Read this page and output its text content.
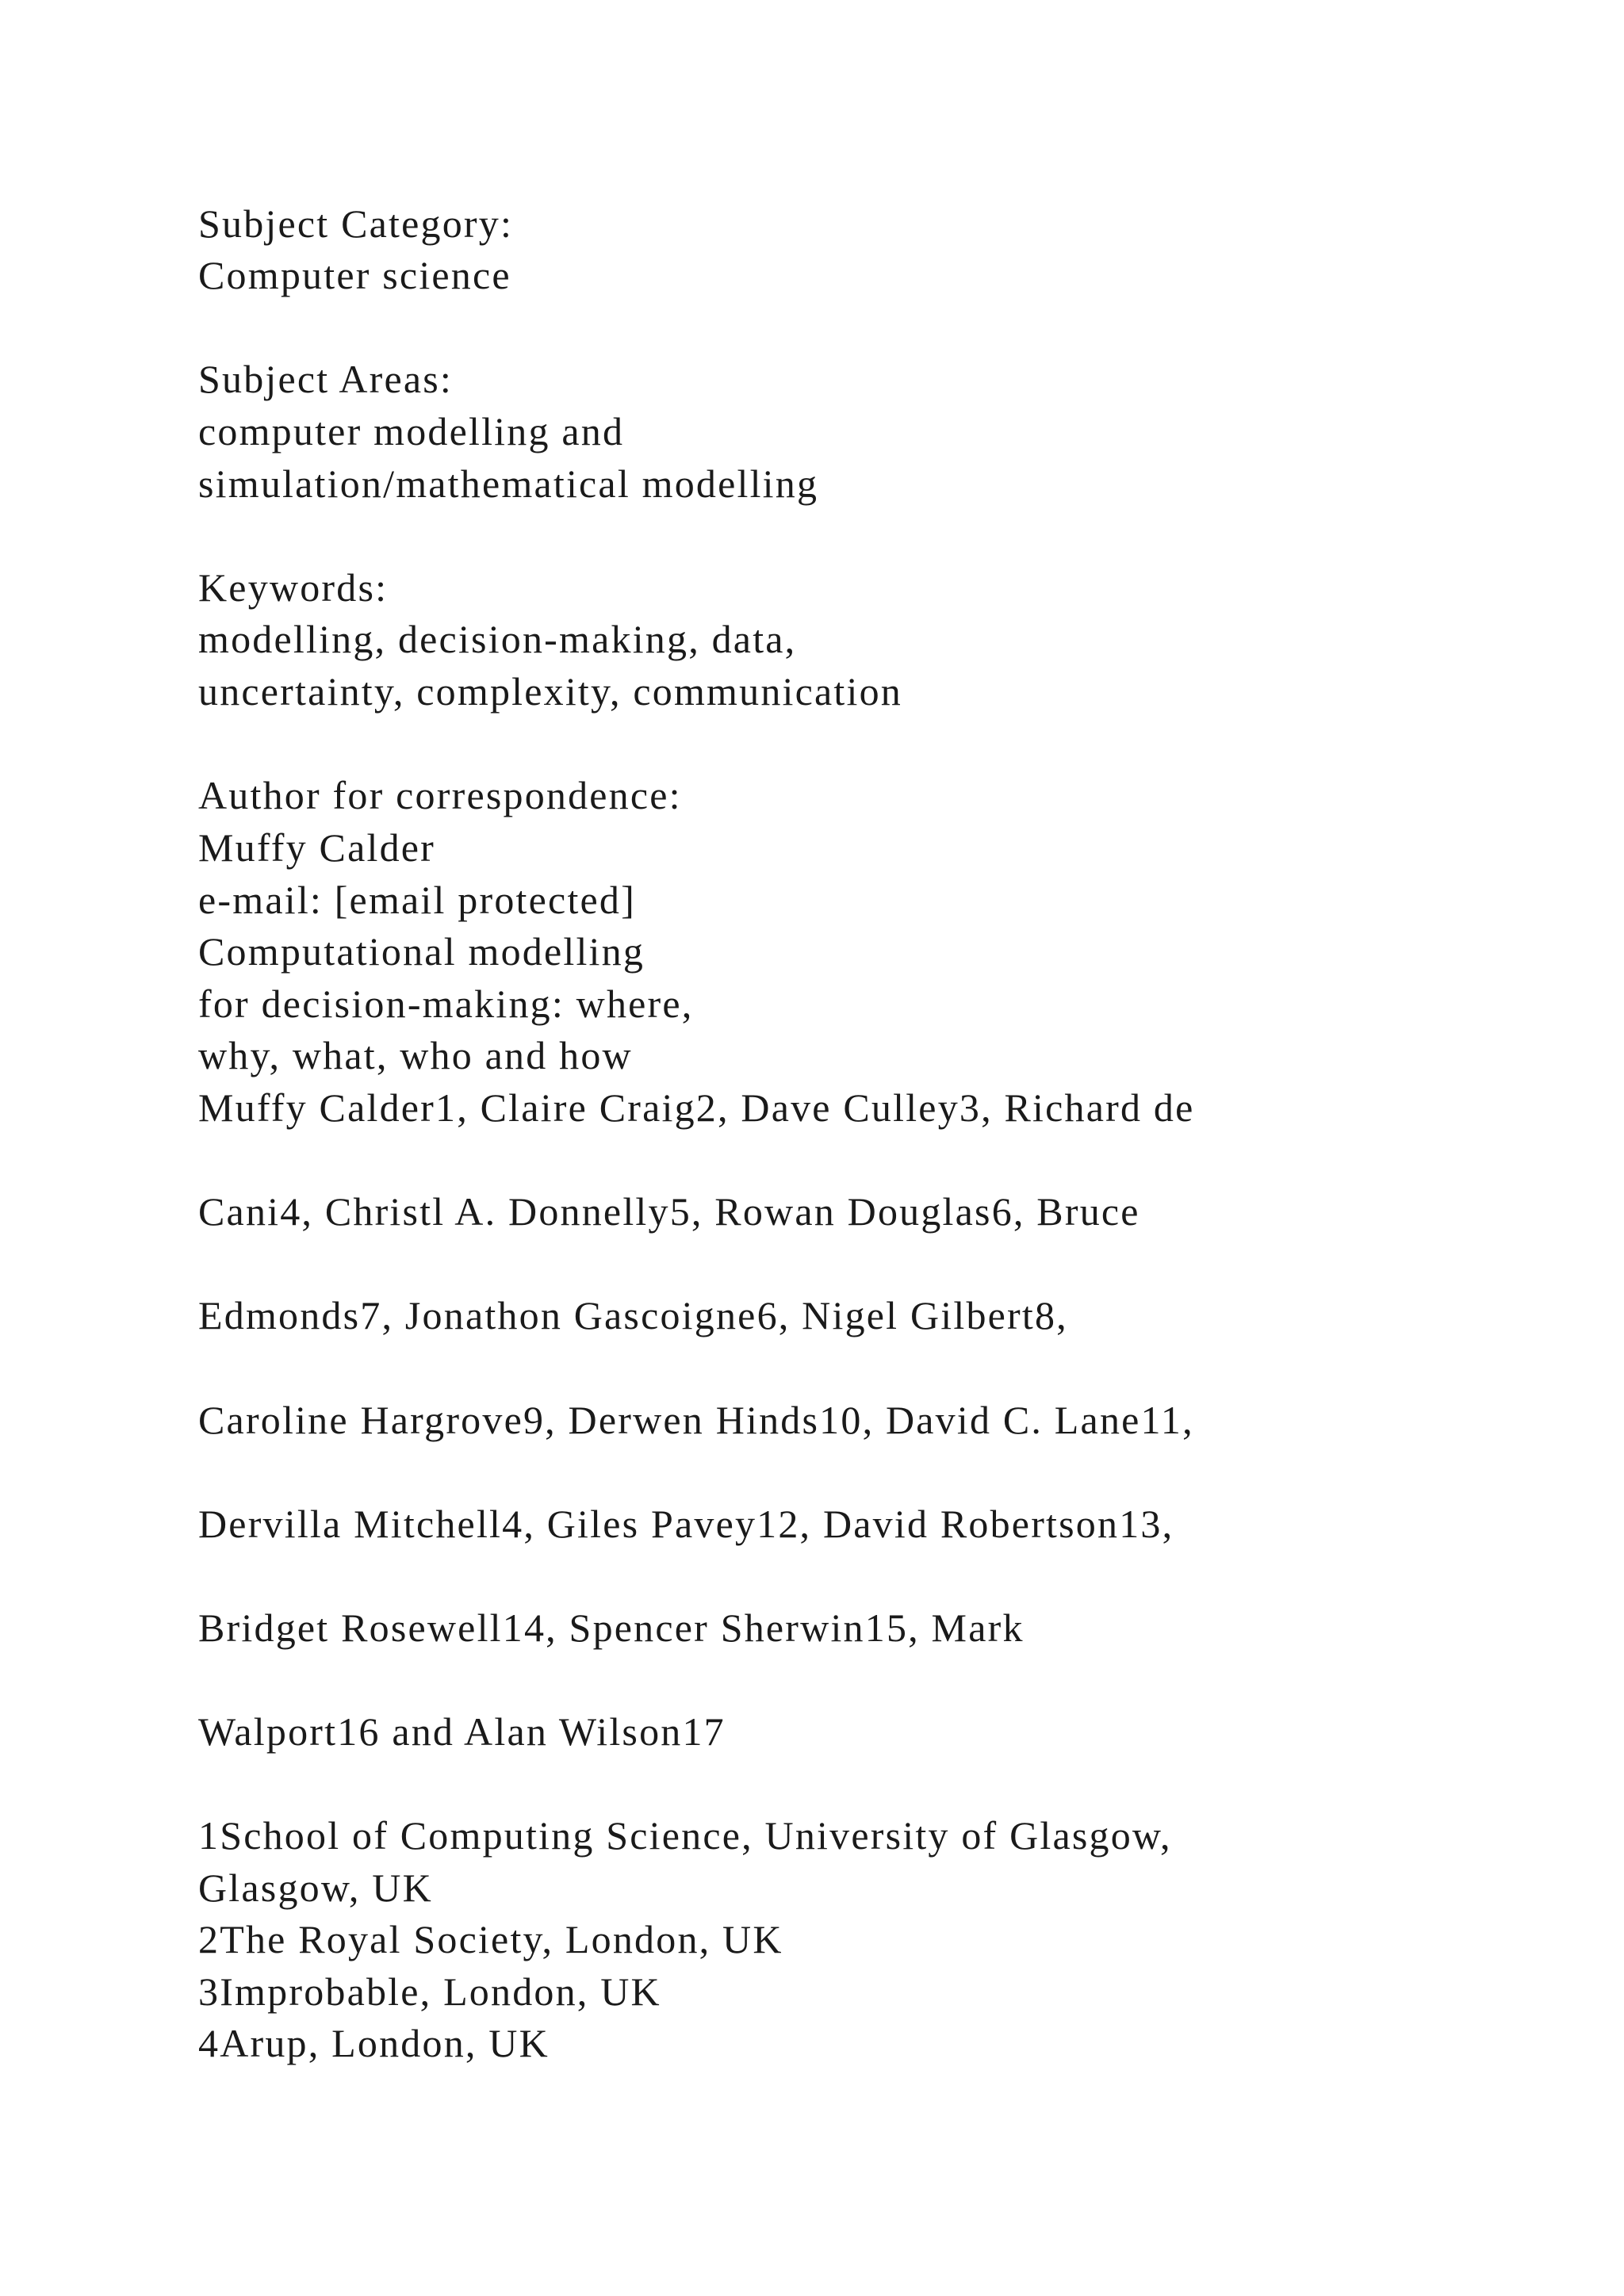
Subject Category:
Computer science
Subject Areas:
computer modelling and
simulation/mathematical modelling
Keywords:
modelling, decision-making, data,
uncertainty, complexity, communication
Author for correspondence:
Muffy Calder
e-mail: [email protected]
Computational modelling
for decision-making: where,
why, what, who and how
Muffy Calder1, Claire Craig2, Dave Culley3, Richard de
Cani4, Christl A. Donnelly5, Rowan Douglas6, Bruce
Edmonds7, Jonathon Gascoigne6, Nigel Gilbert8,
Caroline Hargrove9, Derwen Hinds10, David C. Lane11,
Dervilla Mitchell4, Giles Pavey12, David Robertson13,
Bridget Rosewell14, Spencer Sherwin15, Mark
Walport16 and Alan Wilson17
1School of Computing Science, University of Glasgow,
Glasgow, UK
2The Royal Society, London, UK
3Improbable, London, UK
4Arup, London, UK
